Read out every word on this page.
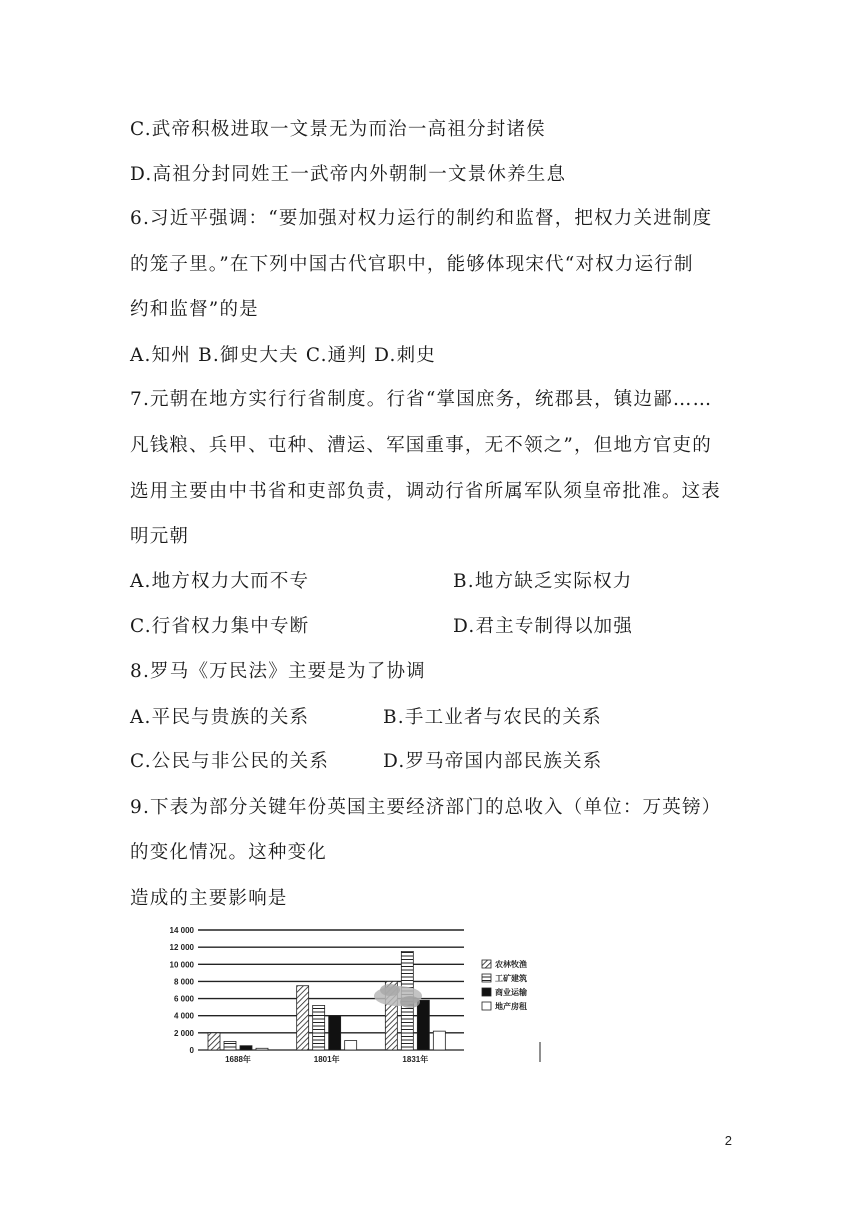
C.武帝积极进取一文景无为而治一高祖分封诸侯
D.高祖分封同姓王一武帝内外朝制一文景休养生息
6.习近平强调：“要加强对权力运行的制约和监督，把权力关进制度
的笼子里。”在下列中国古代官职中，能够体现宋代“对权力运行制
约和监督”的是
A.知州 B.御史大夫 C.通判 D.刺史
7.元朝在地方实行行省制度。行省“掌国庶务，统郡县，镇边鄙……
凡钱粮、兵甲、屯种、漕运、军国重事，无不领之”，但地方官吏的
选用主要由中书省和吏部负责，调动行省所属军队须皇帝批准。这表
明元朝
A.地方权力大而不专	B.地方缺乏实际权力
C.行省权力集中专断	D.君主专制得以加强
8.罗马《万民法》主要是为了协调
A.平民与贵族的关系	B.手工业者与农民的关系
C.公民与非公民的关系	D.罗马帝国内部民族关系
9.下表为部分关键年份英国主要经济部门的总收入（单位：万英镑）
的变化情况。这种变化
造成的主要影响是
0
2 000
4 000
6 000
8 000
10 000
12 000
14 000
1688年	1801年	1831年
农林牧渔
工矿建筑
商业运输
地产房租
2
